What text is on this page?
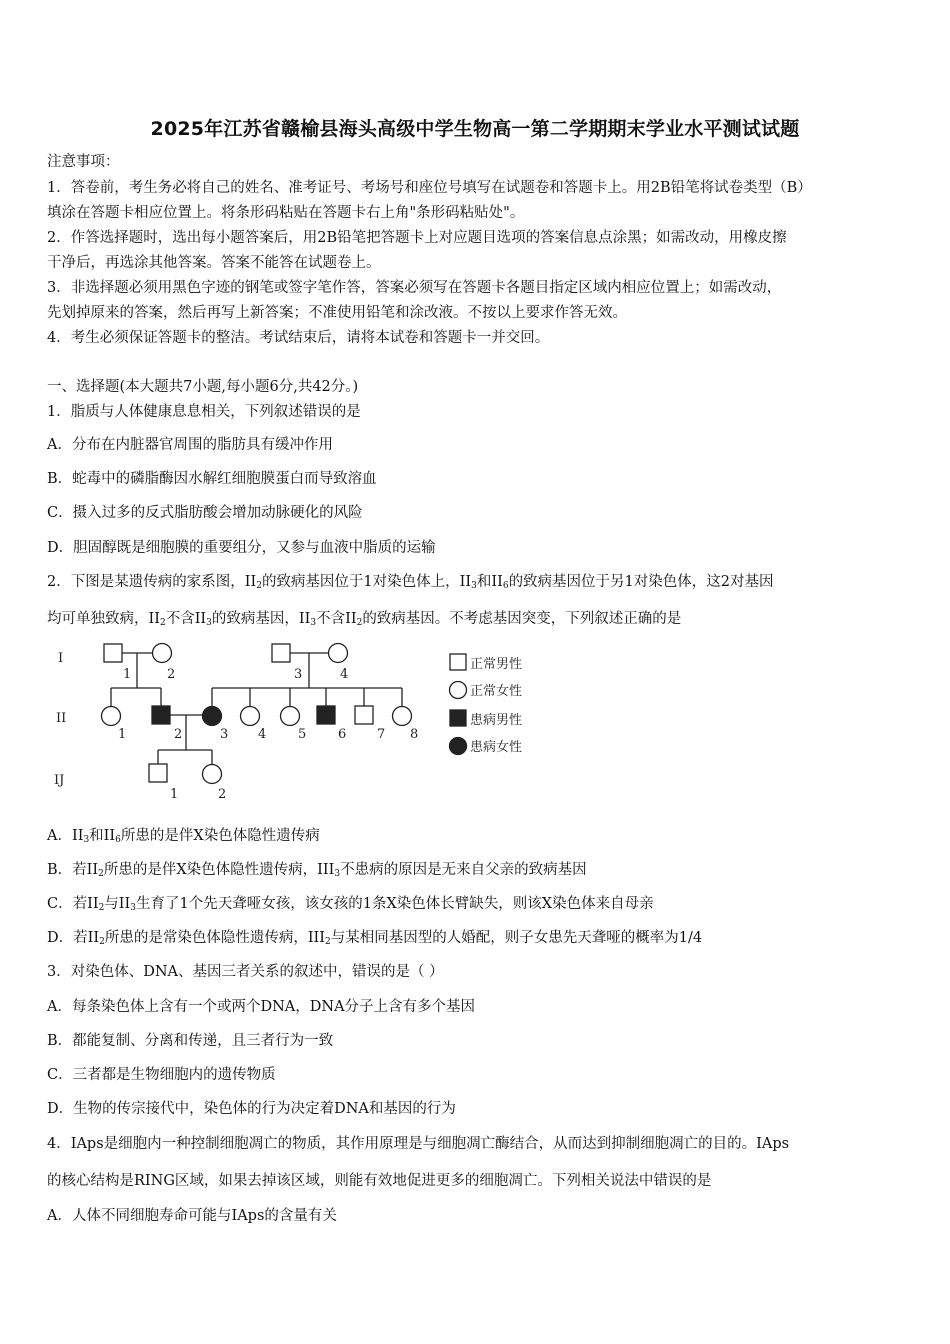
2025年江苏省赣榆县海头高级中学生物高一第二学期期末学业水平测试试题
注意事项：
1．答卷前，考生务必将自己的姓名、准考证号、考场号和座位号填写在试题卷和答题卡上。用2B铅笔将试卷类型（B）
填涂在答题卡相应位置上。将条形码粘贴在答题卡右上角"条形码粘贴处"。
2．作答选择题时，选出每小题答案后，用2B铅笔把答题卡上对应题目选项的答案信息点涂黑；如需改动，用橡皮擦
干净后，再选涂其他答案。答案不能答在试题卷上。
3．非选择题必须用黑色字迹的钢笔或签字笔作答，答案必须写在答题卡各题目指定区域内相应位置上；如需改动，
先划掉原来的答案，然后再写上新答案；不准使用铅笔和涂改液。不按以上要求作答无效。
4．考生必须保证答题卡的整洁。考试结束后，请将本试卷和答题卡一并交回。
一、选择题(本大题共7小题,每小题6分,共42分。)
1．脂质与人体健康息息相关，下列叙述错误的是
A．分布在内脏器官周围的脂肪具有缓冲作用
B．蛇毒中的磷脂酶因水解红细胞膜蛋白而导致溶血
C．摄入过多的反式脂肪酸会增加动脉硬化的风险
D．胆固醇既是细胞膜的重要组分，又参与血液中脂质的运输
2．下图是某遗传病的家系图，$II_2$的致病基因位于1对染色体上，$II_3$和$II_6$的致病基因位于另1对染色体，这2对基因
均可单独致病，$II_2$不含$II_3$的致病基因，$II_3$不含$II_2$的致病基因。不考虑基因突变，下列叙述正确的是
I
II
IJ
1	2	3	4
1	2	3 4 5 6 7 8
1	2
正常男性
正常女性
患病男性
患病女性
A．$II_3$和$II_6$所患的是伴X染色体隐性遗传病
B．若$II_2$所患的是伴X染色体隐性遗传病，$III_3$不患病的原因是无来自父亲的致病基因
C．若$II_2$与$II_3$生育了1个先天聋哑女孩，该女孩的1条X染色体长臂缺失，则该X染色体来自母亲
D．若$II_2$所患的是常染色体隐性遗传病，$III_2$与某相同基因型的人婚配，则子女患先天聋哑的概率为1/4
3．对染色体、DNA、基因三者关系的叙述中，错误的是（ ）
A．每条染色体上含有一个或两个DNA，DNA分子上含有多个基因
B．都能复制、分离和传递，且三者行为一致
C．三者都是生物细胞内的遗传物质
D．生物的传宗接代中，染色体的行为决定着DNA和基因的行为
4．IAps是细胞内一种控制细胞凋亡的物质，其作用原理是与细胞凋亡酶结合，从而达到抑制细胞凋亡的目的。IAps
的核心结构是RING区域，如果去掉该区域，则能有效地促进更多的细胞凋亡。下列相关说法中错误的是
A．人体不同细胞寿命可能与IAps的含量有关
